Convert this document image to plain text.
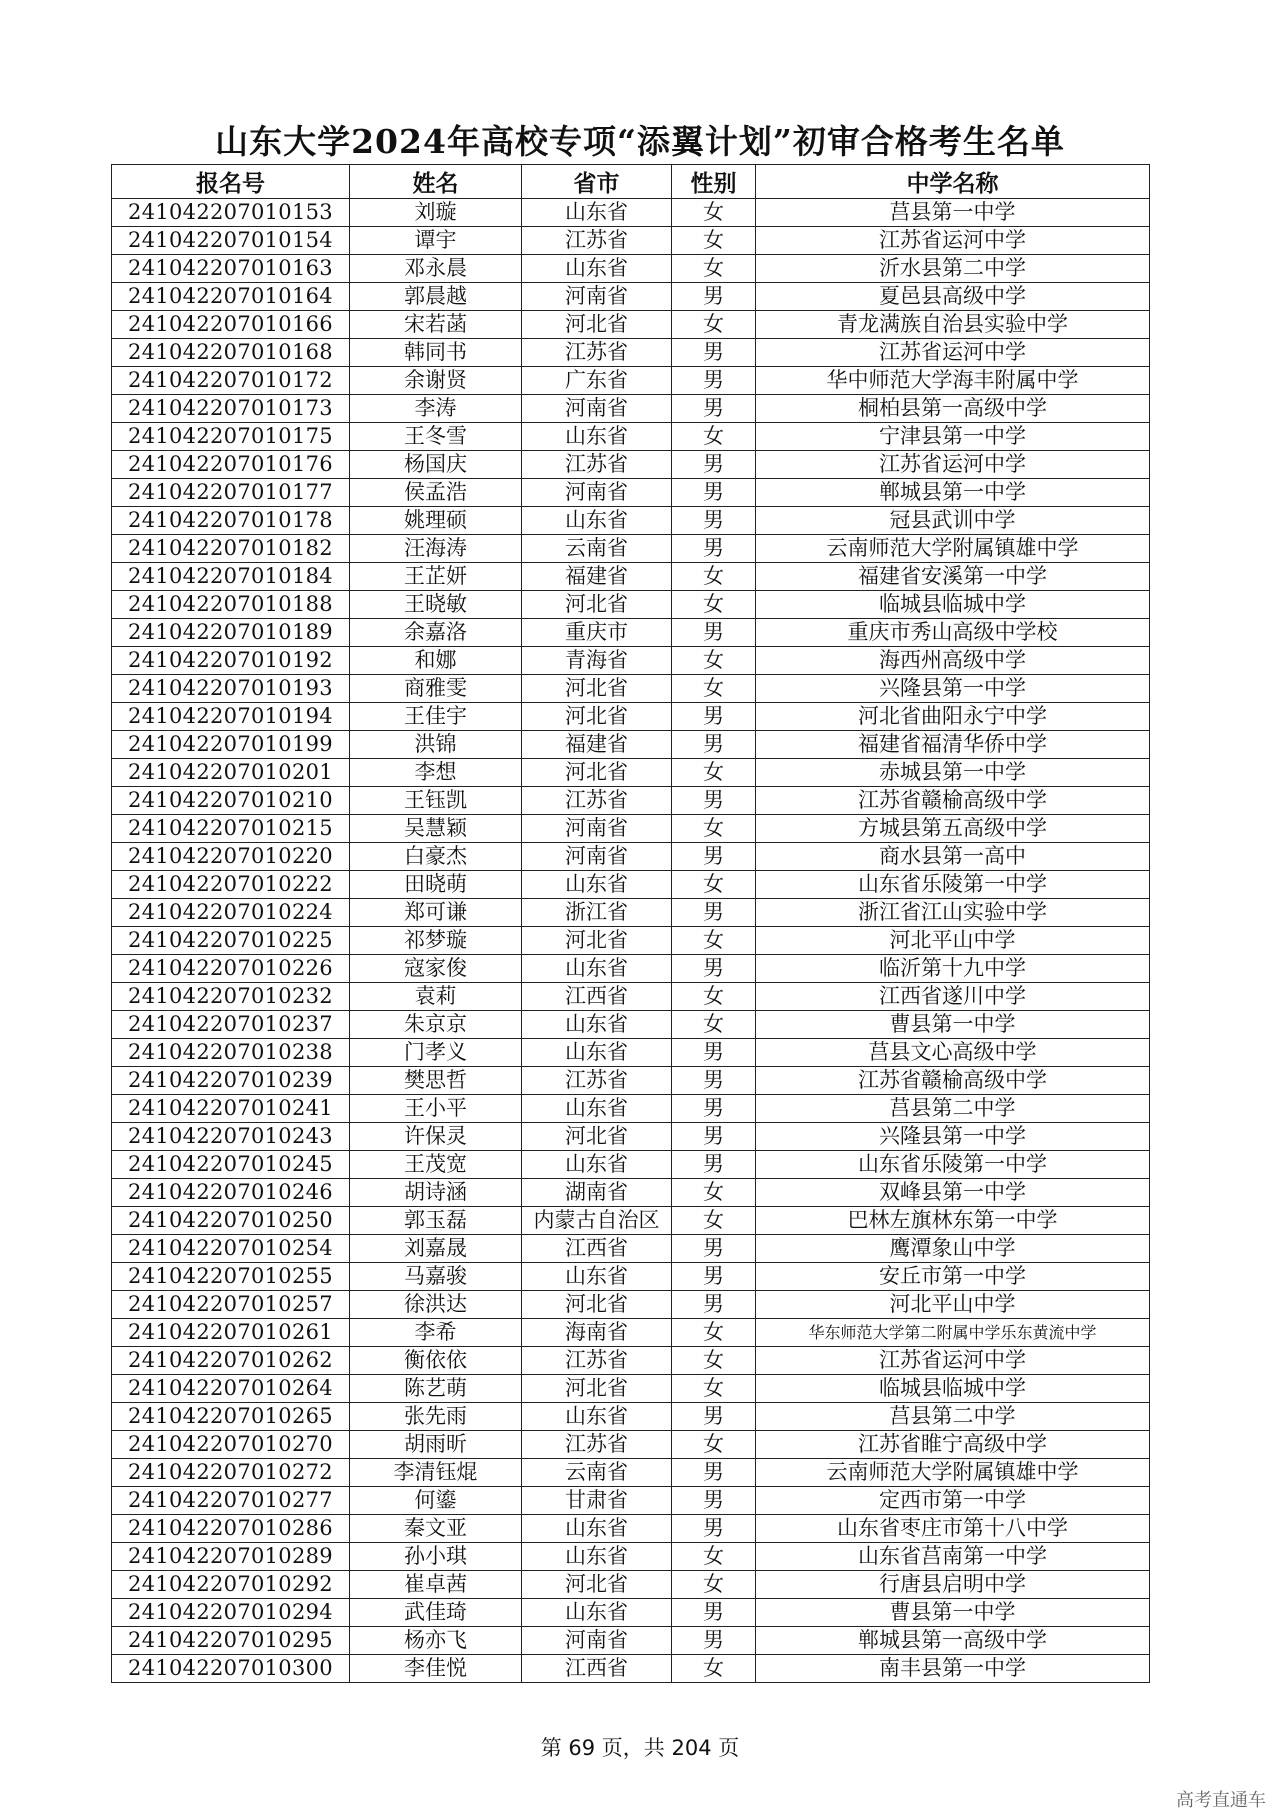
山东大学2024年高校专项“添翼计划”初审合格考生名单
报名号	姓名	省市	性别	中学名称
241042207010153	刘璇	山东省	女	莒县第一中学
241042207010154	谭宇	江苏省	女	江苏省运河中学
241042207010163	邓永晨	山东省	女	沂水县第二中学
241042207010164	郭晨越	河南省	男	夏邑县高级中学
241042207010166	宋若菡	河北省	女	青龙满族自治县实验中学
241042207010168	韩同书	江苏省	男	江苏省运河中学
241042207010172	余谢贤	广东省	男	华中师范大学海丰附属中学
241042207010173	李涛	河南省	男	桐柏县第一高级中学
241042207010175	王冬雪	山东省	女	宁津县第一中学
241042207010176	杨国庆	江苏省	男	江苏省运河中学
241042207010177	侯孟浩	河南省	男	郸城县第一中学
241042207010178	姚理硕	山东省	男	冠县武训中学
241042207010182	汪海涛	云南省	男	云南师范大学附属镇雄中学
241042207010184	王芷妍	福建省	女	福建省安溪第一中学
241042207010188	王晓敏	河北省	女	临城县临城中学
241042207010189	余嘉洛	重庆市	男	重庆市秀山高级中学校
241042207010192	和娜	青海省	女	海西州高级中学
241042207010193	商雅雯	河北省	女	兴隆县第一中学
241042207010194	王佳宇	河北省	男	河北省曲阳永宁中学
241042207010199	洪锦	福建省	男	福建省福清华侨中学
241042207010201	李想	河北省	女	赤城县第一中学
241042207010210	王钰凯	江苏省	男	江苏省赣榆高级中学
241042207010215	吴慧颖	河南省	女	方城县第五高级中学
241042207010220	白豪杰	河南省	男	商水县第一高中
241042207010222	田晓萌	山东省	女	山东省乐陵第一中学
241042207010224	郑可谦	浙江省	男	浙江省江山实验中学
241042207010225	祁梦璇	河北省	女	河北平山中学
241042207010226	寇家俊	山东省	男	临沂第十九中学
241042207010232	袁莉	江西省	女	江西省遂川中学
241042207010237	朱京京	山东省	女	曹县第一中学
241042207010238	门孝义	山东省	男	莒县文心高级中学
241042207010239	樊思哲	江苏省	男	江苏省赣榆高级中学
241042207010241	王小平	山东省	男	莒县第二中学
241042207010243	许保灵	河北省	男	兴隆县第一中学
241042207010245	王茂宽	山东省	男	山东省乐陵第一中学
241042207010246	胡诗涵	湖南省	女	双峰县第一中学
241042207010250	郭玉磊	内蒙古自治区	女	巴林左旗林东第一中学
241042207010254	刘嘉晟	江西省	男	鹰潭象山中学
241042207010255	马嘉骏	山东省	男	安丘市第一中学
241042207010257	徐洪达	河北省	男	河北平山中学
241042207010261	李希	海南省	女	华东师范大学第二附属中学乐东黄流中学
241042207010262	衡依依	江苏省	女	江苏省运河中学
241042207010264	陈艺萌	河北省	女	临城县临城中学
241042207010265	张先雨	山东省	男	莒县第二中学
241042207010270	胡雨昕	江苏省	女	江苏省睢宁高级中学
241042207010272	李清钰焜	云南省	男	云南师范大学附属镇雄中学
241042207010277	何鎏	甘肃省	男	定西市第一中学
241042207010286	秦文亚	山东省	男	山东省枣庄市第十八中学
241042207010289	孙小琪	山东省	女	山东省莒南第一中学
241042207010292	崔卓茜	河北省	女	行唐县启明中学
241042207010294	武佳琦	山东省	男	曹县第一中学
241042207010295	杨亦飞	河南省	男	郸城县第一高级中学
241042207010300	李佳悦	江西省	女	南丰县第一中学
第 69 页，共 204 页
高考直通车
